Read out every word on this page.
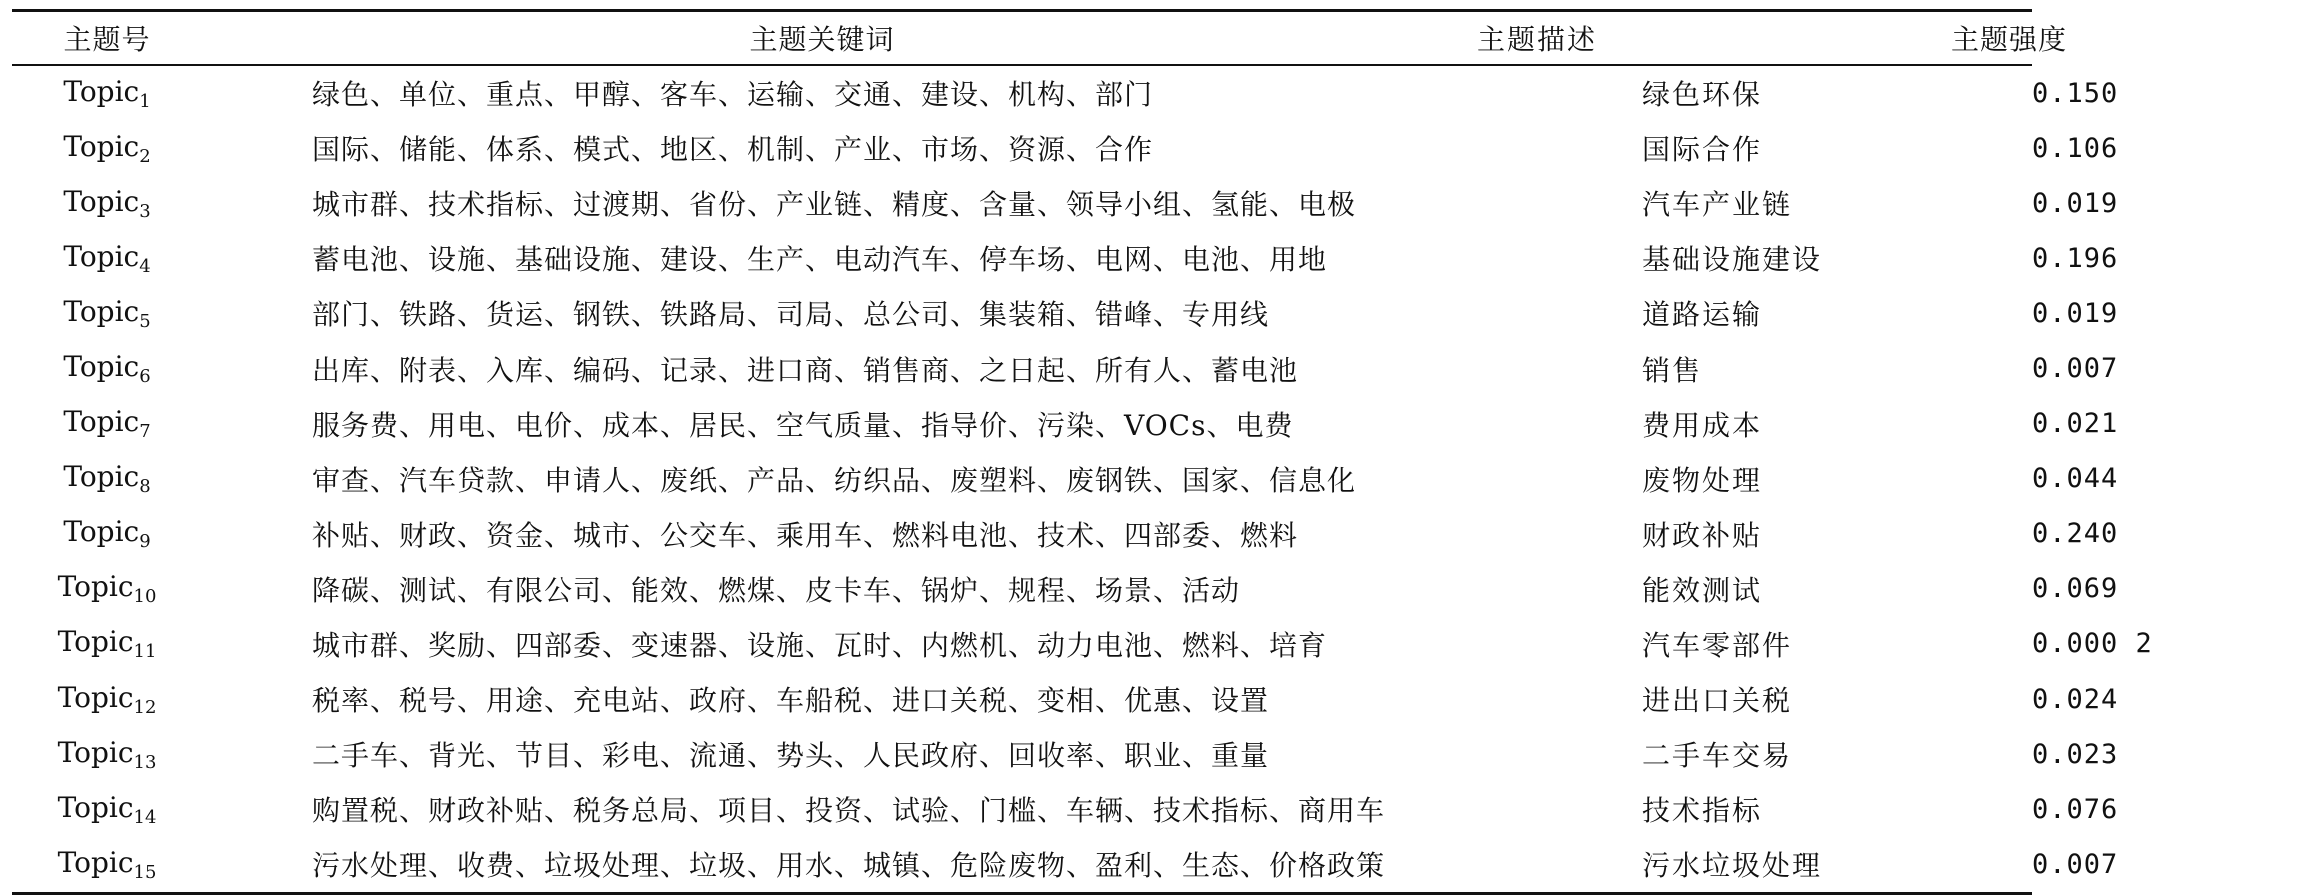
主题号	主题关键词	主题描述	主题强度
Topic$_1$	绿色、单位、重点、甲醇、客车、运输、交通、建设、机构、部门	绿色环保	0.150
Topic$_2$	国际、储能、体系、模式、地区、机制、产业、市场、资源、合作	国际合作	0.106
Topic$_3$	城市群、技术指标、过渡期、省份、产业链、精度、含量、领导小组、氢能、电极	汽车产业链	0.019
Topic$_4$	蓄电池、设施、基础设施、建设、生产、电动汽车、停车场、电网、电池、用地	基础设施建设	0.196
Topic$_5$	部门、铁路、货运、钢铁、铁路局、司局、总公司、集装箱、错峰、专用线	道路运输	0.019
Topic$_6$	出库、附表、入库、编码、记录、进口商、销售商、之日起、所有人、蓄电池	销售	0.007
Topic$_7$	服务费、用电、电价、成本、居民、空气质量、指导价、污染、VOCs、电费	费用成本	0.021
Topic$_8$	审查、汽车贷款、申请人、废纸、产品、纺织品、废塑料、废钢铁、国家、信息化	废物处理	0.044
Topic$_9$	补贴、财政、资金、城市、公交车、乘用车、燃料电池、技术、四部委、燃料	财政补贴	0.240
Topic$_{10}$	降碳、测试、有限公司、能效、燃煤、皮卡车、锅炉、规程、场景、活动	能效测试	0.069
Topic$_{11}$	城市群、奖励、四部委、变速器、设施、瓦时、内燃机、动力电池、燃料、培育	汽车零部件	0.000 2
Topic$_{12}$	税率、税号、用途、充电站、政府、车船税、进口关税、变相、优惠、设置	进出口关税	0.024
Topic$_{13}$	二手车、背光、节目、彩电、流通、势头、人民政府、回收率、职业、重量	二手车交易	0.023
Topic$_{14}$	购置税、财政补贴、税务总局、项目、投资、试验、门槛、车辆、技术指标、商用车	技术指标	0.076
Topic$_{15}$	污水处理、收费、垃圾处理、垃圾、用水、城镇、危险废物、盈利、生态、价格政策	污水垃圾处理	0.007
